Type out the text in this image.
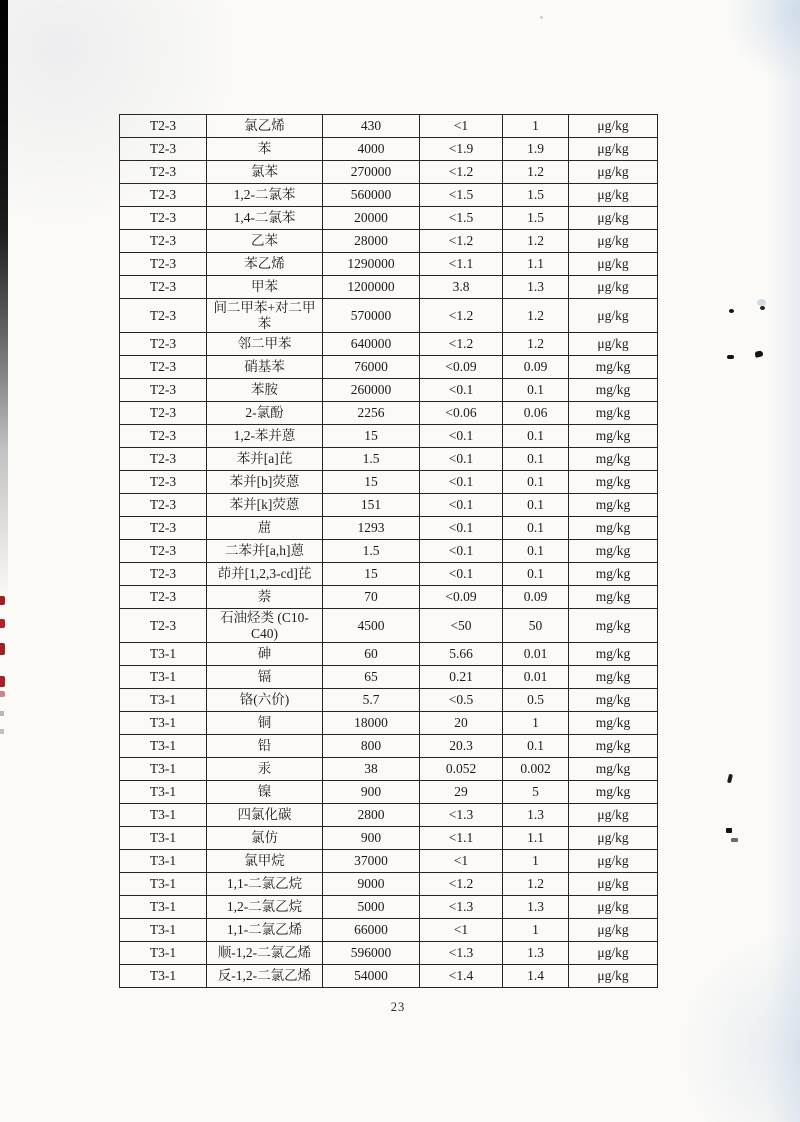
T2-3	氯乙烯	430	<1	1	μg/kg
T2-3	苯	4000	<1.9	1.9	μg/kg
T2-3	氯苯	270000	<1.2	1.2	μg/kg
T2-3	1,2-二氯苯	560000	<1.5	1.5	μg/kg
T2-3	1,4-二氯苯	20000	<1.5	1.5	μg/kg
T2-3	乙苯	28000	<1.2	1.2	μg/kg
T2-3	苯乙烯	1290000	<1.1	1.1	μg/kg
T2-3	甲苯	1200000	3.8	1.3	μg/kg
T2-3	间二甲苯+对二甲苯	570000	<1.2	1.2	μg/kg
T2-3	邻二甲苯	640000	<1.2	1.2	μg/kg
T2-3	硝基苯	76000	<0.09	0.09	mg/kg
T2-3	苯胺	260000	<0.1	0.1	mg/kg
T2-3	2-氯酚	2256	<0.06	0.06	mg/kg
T2-3	1,2-苯并蒽	15	<0.1	0.1	mg/kg
T2-3	苯并[a]芘	1.5	<0.1	0.1	mg/kg
T2-3	苯并[b]荧蒽	15	<0.1	0.1	mg/kg
T2-3	苯并[k]荧蒽	151	<0.1	0.1	mg/kg
T2-3	䓛	1293	<0.1	0.1	mg/kg
T2-3	二苯并[a,h]蒽	1.5	<0.1	0.1	mg/kg
T2-3	茚并[1,2,3-cd]芘	15	<0.1	0.1	mg/kg
T2-3	萘	70	<0.09	0.09	mg/kg
T2-3	石油烃类 (C10-C40)	4500	<50	50	mg/kg
T3-1	砷	60	5.66	0.01	mg/kg
T3-1	镉	65	0.21	0.01	mg/kg
T3-1	铬(六价)	5.7	<0.5	0.5	mg/kg
T3-1	铜	18000	20	1	mg/kg
T3-1	铅	800	20.3	0.1	mg/kg
T3-1	汞	38	0.052	0.002	mg/kg
T3-1	镍	900	29	5	mg/kg
T3-1	四氯化碳	2800	<1.3	1.3	μg/kg
T3-1	氯仿	900	<1.1	1.1	μg/kg
T3-1	氯甲烷	37000	<1	1	μg/kg
T3-1	1,1-二氯乙烷	9000	<1.2	1.2	μg/kg
T3-1	1,2-二氯乙烷	5000	<1.3	1.3	μg/kg
T3-1	1,1-二氯乙烯	66000	<1	1	μg/kg
T3-1	顺-1,2-二氯乙烯	596000	<1.3	1.3	μg/kg
T3-1	反-1,2-二氯乙烯	54000	<1.4	1.4	μg/kg
23
